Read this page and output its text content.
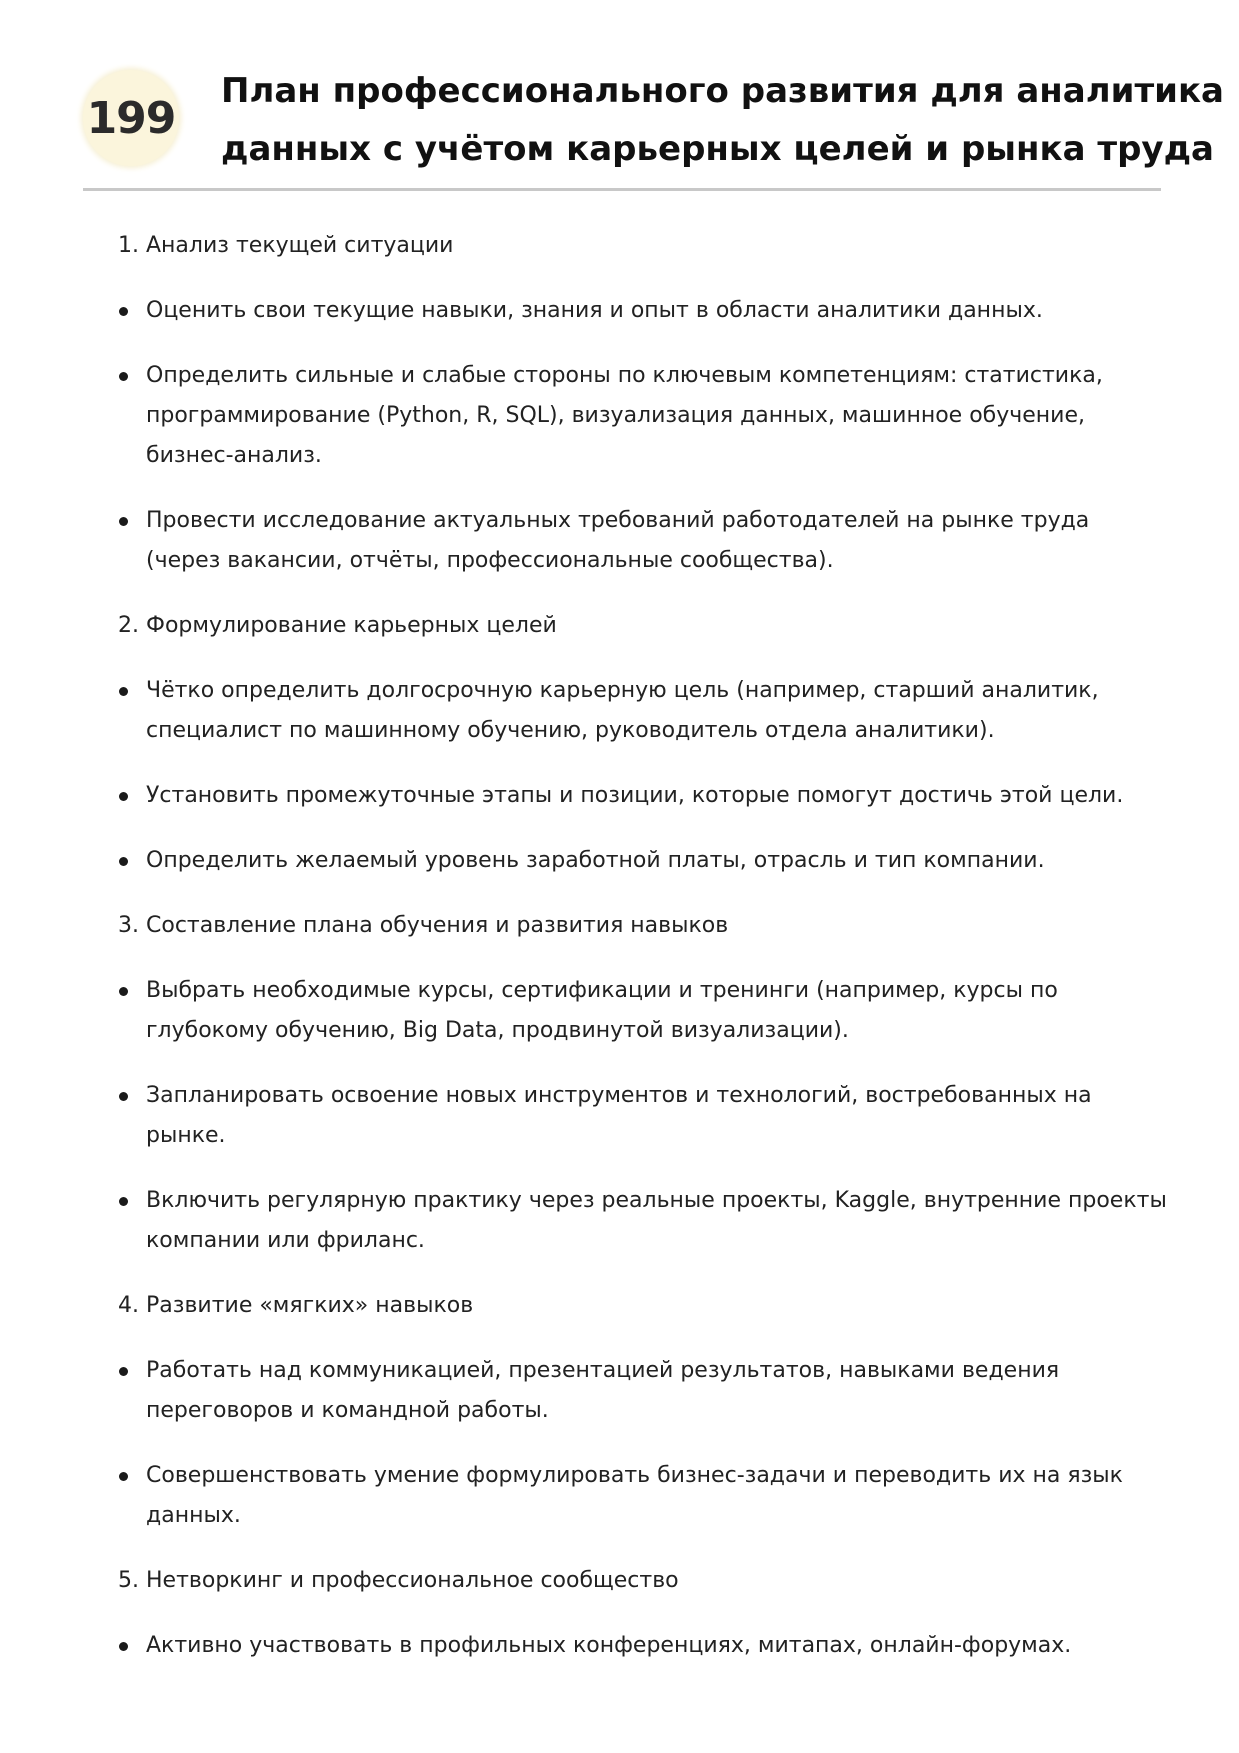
199
План профессионального развития для аналитика
данных с учётом карьерных целей и рынка труда
1. Анализ текущей ситуации
Оценить свои текущие навыки, знания и опыт в области аналитики данных.
Определить сильные и слабые стороны по ключевым компетенциям: статистика, программирование (Python, R, SQL), визуализация данных, машинное обучение, бизнес-анализ.
Провести исследование актуальных требований работодателей на рынке труда (через вакансии, отчёты, профессиональные сообщества).
2. Формулирование карьерных целей
Чётко определить долгосрочную карьерную цель (например, старший аналитик, специалист по машинному обучению, руководитель отдела аналитики).
Установить промежуточные этапы и позиции, которые помогут достичь этой цели.
Определить желаемый уровень заработной платы, отрасль и тип компании.
3. Составление плана обучения и развития навыков
Выбрать необходимые курсы, сертификации и тренинги (например, курсы по глубокому обучению, Big Data, продвинутой визуализации).
Запланировать освоение новых инструментов и технологий, востребованных на рынке.
Включить регулярную практику через реальные проекты, Kaggle, внутренние проекты компании или фриланс.
4. Развитие «мягких» навыков
Работать над коммуникацией, презентацией результатов, навыками ведения переговоров и командной работы.
Совершенствовать умение формулировать бизнес-задачи и переводить их на язык данных.
5. Нетворкинг и профессиональное сообщество
Активно участвовать в профильных конференциях, митапах, онлайн-форумах.
